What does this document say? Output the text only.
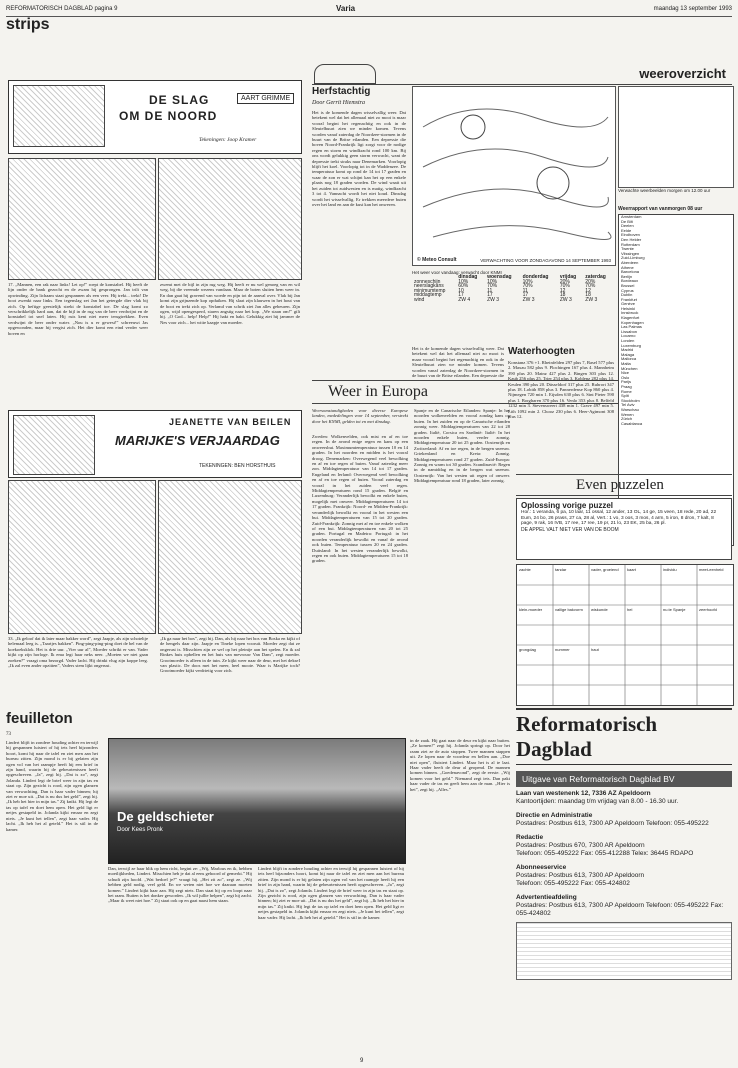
REFORMATORISCH DAGBLAD pagina 9	Varia	maandag 13 september 1993
strips
DE SLAG
OM DE NOORD
AART GRIMME
Tekeningen: Joop Kramer
17. „Mannen, een rak naar links! Let op!” roept de konstabel. Hij heeft de lijn onder de bank gezocht en de zwam hij gesprongen. Jan trilt van opwinding. Zijn lichaam staat gespannen als een veer. Hij trekt... trekt! De boot zwenkt naar links. Een tegenslag zet Jan het getergde dier vlak bij zich. Op heftige geestelijk strekt de konstabel toe. De slag komt zo verschrikkelijk hard aan, dat de bijl in de rug van de beer verdwijnt en de konstabel tot snel laten. Hij ruis kent niet meer terugtrekken. Even verdwijnt de beer onder water. „Nou is u er gewest!” schreeuwt Jas opgewonden, maar hij vergist zich. Het dier komt een eind verder weer boven en
zwemt met de bijl in zijn rug weg. Hij heeft er nu wel genoeg van en wil weg, bij die vreemde wezens vandaan. Maar de boten sluiten hem weer in. En dan gaat hij gravend van woede en pijn tot de aanval over. Vlak bij Jan komt zijn grijnzende kop opduiken. Hij slaat zijn klauwen in het hout van de boot en trekt zich op. Verlamd van schrik ziet Jan alles gebeuren. Zijn ogen, wijd opengesperd, staren angstig naar het kop. „We staan om!” gilt hij. „O God... help! Help!” Hij hakt en hakt. Gelukkig ziet hij jammer de Nes voor zich... het witte kaapje van moeder.
JEANETTE VAN BEILEN
MARIJKE'S VERJAARDAG
TEKENINGEN: BEN HORSTHUIS
33. „Ik geloof dat ik later maar bakker word”, zegt Jaapje, als zijn schoteltje helemaal leeg is. „Taartjes bakken”. Ping-ping-ping-ping doet de bel van de koekoeksklok. Het is drie uur. „Vier uur al”, Moeder schrikt er van. Vader kijkt op zijn horloge. Ik ema legt haar neks neer. „Moeten we niet gaan zoeken?” vraagt oma bezorgd. Vader lacht. Hij drinkt vlug zijn koppe leeg. „Ik zal even ander opzitten”, Vaders stem lijkt ongerust.
„Ik ga naar het bos”, zegt hij. Dan, als hij naar het bos van Boska en kijkt of de hengels daar zijn. Jaapje en Tineke lopen vooruit. Moeder zegt dat ze ongerust is. Misschien zijn ze wel op het pleintje aan het spelen. En ik zal Rinkes huis opbellen en het huis van mevrouw Van Dam”, zegt moeder. Grootmoeder is alleen in de tuin. Ze kijkt weer naar de deur, met het dekseI van plastic. De doos met het meer, heel mooie. Waar is Marijke toch? Grootmoeder kijkt verdrietig voor zich.
weeroverzicht
Herfstachtig
Door Gerrit Hiemstra
Het is de komende dagen wisselvallig weer. Dat betekent wel dat het allemaal niet zo mooi is maar vooral begint het regenachtig en ook in de Sleutelbuurt zien we minder komen. Tevens worden vanaf zaterdag de Noordzee-stormen in de buurt van de Britse eilanden. Een depressie die boven Noord-Frankrijk ligt zorgt voor de nodige regen en storm en windkracht rond 100 km. Bij ons wordt gelukkig geen storm verwacht, want de depressie trekt straks naar Denemarken. Voorlopig blijft het koel. Voorlopig tot in de Waddenzee. De temperatuur komt op rond de 14 tot 17 graden en waar de zon er wat schijnt kan het op een enkele plaats nog 18 graden worden. De wind waait uit het zuiden tot zuidwesten en is matig, windkracht 3 tot 4. Vannacht wordt het niet koud. Dinsdag wordt het wisselvallig. Er trekken meerdere buien over het land en aan de kust kan het onweren.
© Meteo Consult	VERWACHTING VOOR ZONDAGAVOND 14 SEPTEMBER 1993
Verwachte weerbeelden morgen om 12.00 uur
Weerrapport van vanmorgen 08 uur
Amsterdam
De Bilt
Deelen
Eelde
Eindhoven
Den Helder
Rotterdam
Twente
Vlissingen
Zuid-Limburg
Aberdeen
Athene
Barcelona
Berlijn
Bordeaux
Brussel
Cyprus
Dublin
Frankfurt
Genève
Helsinki
Innsbruck
Klagenfurt
Kopenhagen
Las Palmas
Lissabon
Locarno
Londen
Luxemburg
Madrid
Malaga
Mallorca
Malta
München
Nice
Oslo
Parijs
Praag
Rome
Split
Stockholm
Tel Aviv
Warschau
Wenen
Zürich
Casablanca
Het weer voor vandaag: verwacht door KNMI
	dinsdag	woensdag	donderdag	vrijdag	zaterdag
zonneschijn	10%	10%	10%	20%	20%
neerslagkans	60%	70%	70%	70%	70%
minimumtemp	10	11	11	12	12
middagtemp	17	17	17	18	18
wind	ZW 4	ZW 3	ZW 3	ZW 3	ZW 3
Waterhoogten
Konstanz 376 +1. Rheinfelden 297 plus 7, Basel 577 plus 2. Maxau 582 plus 9. Plochingen 167 plus 4. Mannheim 390 plus 20. Mainz 427 plus 2. Bingen 303 plus 12. Kaub 256 plus 25. Trier 254 plus 3. Koblenz 282 plus 14. Keulen 390 plus 20. Düsseldorf 317 plus 25. Ruhrort 347 plus 18. Lobith 858 plus 3. Pannerdense Kop 860 plus 4. Nijmegen 720 min 1. Eijsden 630 plus 6. Sint Pieter 590 plus 1. Borgharen 370 plus 16. Venlo 353 plus 8. Belfeld 1232 min 3. Stevensweert 438 min 1. Grave 497 min 5. Lith 1092 min 2. Chooz 230 plus 6. Heer-Agimont 308 plus 12.
Het is de komende dagen wisselvallig weer. Dat betekent wel dat het allemaal niet zo mooi is maar vooral begint het regenachtig en ook in de Sleutelbuurt zien we minder komen. Tevens worden vanaf zaterdag de Noordzee-stormen in de buurt van de Britse eilanden. Een depressie die
Weer in Europa
Weersomstandigheden voor diverse Europese landen, mededelingen voor 14 september, verstrekt door het KNMI, gelden tot en met dinsdag.
Zweden: Wolkenvelden, ook mist en af en toe regen. In de avond enige regen en kans op een onweersbui. Maximumtemperatuur tussen 10 en 14 graden. In het noorden en midden is het vooral droog. Denemarken: Overwegend veel bewolking en af en toe regen of buien. Vanaf zaterdag meer zon. Middagtemperatuur van 14 tot 17 graden. Engeland en Ierland: Overwegend veel bewolking en af en toe regen of buien. Vooral zaterdag en vooral in het zuiden veel regen. Middagtemperaturen rond 15 graden. België en Luxemburg: Veranderlijk bewolkt en enkele buien, mogelijk met onweer. Middagtemperaturen 14 tot 17 graden. Frankrijk: Noord- en Midden-Frankrijk: veranderlijk bewolkt en vooral in het westen een bui. Middagtemperaturen van 15 tot 20 graden. Zuid-Frankrijk: Zonnig met af en toe enkele wolken of een bui. Middagtemperaturen van 20 tot 25 graden. Portugal en Madeira: Portugal: in het noorden veranderlijk bewolkt en vanaf de avond ook buien. Temperatuur tussen 20 en 24 graden. Duitsland: In het westen veranderlijk bewolkt, regen en ook buien. Middagtemperaturen 15 tot 18 graden.
Spanje en de Canarische Eilanden: Spanje: In het noorden wolkenvelden en vooral zondag kans op buien. In het zuiden en op de Canarische eilanden zonnig weer. Middagtemperaturen van 22 tot 28 graden. Italië, Corsica en Sardinië: Italië: In het noorden enkele buien, verder zonnig. Middagtemperatuur 20 tot 25 graden. Oostenrijk en Zwitserland: Af en toe regen, in de bergen sneeuw. Griekenland en Kreta: Zonnig. Middagtemperaturen rond 27 graden. Zuid-Europa: Zonnig en warm tot 30 graden. Scandinavië: Regen in de namiddag en in de bergen wat sneeuw. Oostenrijk: Van het westen uit regen of onweer. Middagtemperatuur rond 18 graden, later zonnig.	Even puzzelen
Oplossing vorige puzzel
Hor.: 1 veranda, 6 pa, 10 laar, 11 ossal, 12 ander, 13 OL, 14 ge, 15 veen, 18 rede, 20 ad, 22 Eum, 24 bo, 26 prass, 27 ca, 28 al, Vert.: 1 vo, 3 oos, 3 mos, 4 arm, 5 iron, 8 dron, 7 kalt, 8 page, 9 rak, 16 IVB, 17 ree, 17 ree, 19 pr, 21 lo, 23 EK, 25 ba, 26 pl.
DE APPEL VALT NIET VER VAN DE BOOM
zachte	tandar	vader, groeiend	kaart	individu	meet-eenheid
klein-moeder	vallige bakvorm	wiskunde	hel	nu.te Spanje	zeerhoofd
grongdag	nummer	haut
feuilleton
73
Lindert blijft in zondere houding achter en terwijl hij gespannen luistert of hij iets heel bijzonders hoort, komt hij naar de tafel en ziet men aan het bureau zitten. Zijn mond is er bij gelaten zijn ogen vol van het raampje heeft hij een brief in zijn hand, waarin hij de gebeurtenissen heeft opgeschreven. „Ja”, zegt hij. „Dat is zo”, zegt Jolanda. Lindert legt de brief weer in zijn tas en staat op. Zijn gezicht is rood, zijn ogen glanzen van verwachting. Dan is haar vader binnen; hij ziet er moe uit. „Dat is nu dus het geld”, zegt hij. „Ik heb het hier in mijn tas.” Zij knikt. Hij legt de tas op tafel en doet hem open. Het geld ligt er netjes gestapeld in. Jolanda kijkt ernaar en zegt niets. „Je kunt het tellen”, zegt haar vader. Hij lacht. „Ik heb het al geteld.” Het is stil in de kamer.
De geldschieter
Door Kees Pronk
Dan, terwijl ze haar blik op hem richt, begint ze: „Wij, Marlous en ik, hebben moeilijkheden, Lindert. Misschien heb je dat al eens gehoord of gemerkt.” Hij schudt zijn hoofd. „Wat bedoel je?” vraagt hij. „Het zit zo”, zegt ze. „Wij hebben geld nodig, veel geld. En we weten niet hoe we daaraan moeten komen.” Lindert kijkt haar aan. Hij zegt niets. Dan staat hij op en loopt naar het raam. Buiten is het donker geworden. „Ik wil jullie helpen”, zegt hij zacht. „Maar ik weet niet hoe.” Zij staat ook op en gaat naast hem staan.
Lindert blijft in zondere houding achter en terwijl hij gespannen luistert of hij iets heel bijzonders hoort, komt hij naar de tafel en ziet men aan het bureau zitten. Zijn mond is er bij gelaten zijn ogen vol van het raampje heeft hij een brief in zijn hand, waarin hij de gebeurtenissen heeft opgeschreven. „Ja”, zegt hij. „Dat is zo”, zegt Jolanda. Lindert legt de brief weer in zijn tas en staat op. Zijn gezicht is rood, zijn ogen glanzen van verwachting. Dan is haar vader binnen; hij ziet er moe uit. „Dat is nu dus het geld”, zegt hij. „Ik heb het hier in mijn tas.” Zij knikt. Hij legt de tas op tafel en doet hem open. Het geld ligt er netjes gestapeld in. Jolanda kijkt ernaar en zegt niets. „Je kunt het tellen”, zegt haar vader. Hij lacht. „Ik heb het al geteld.” Het is stil in de kamer.
in de zaak. Hij gaat naar de deur en kijkt naar buiten. „Ze komen!” zegt hij. Jolanda springt op. Door het raam ziet ze de auto stoppen. Twee mannen stappen uit. Ze lopen naar de voordeur en bellen aan. „Doe niet open”, fluistert Lindert. Maar het is al te laat. Haar vader heeft de deur al geopend. De mannen komen binnen. „Goedenavond”, zegt de eerste. „Wij komen voor het geld.” Niemand zegt iets. Dan pakt haar vader de tas en geeft hem aan de man. „Hier is het”, zegt hij. „Alles.”
Reformatorisch Dagblad
Uitgave van Reformatorisch Dagblad BV
Laan van westenenk 12, 7336 AZ Apeldoorn
Kantoortijden: maandag t/m vrijdag van 8.00 - 16.30 uur.
Directie en Administratie
Postadres: Postbus 613, 7300 AP Apeldoorn Telefoon: 055-495222
Redactie
Postadres: Postbus 670, 7300 AR Apeldoorn
Telefoon: 055-495222 Fax: 055-412288 Telex: 36445 RDAPO
Abonneeservice
Postadres: Postbus 613, 7300 AP Apeldoorn
Telefoon: 055-495222 Fax: 055-424802
Advertentieafdeling
Postadres: Postbus 613, 7300 AP Apeldoorn Telefoon: 055-495222 Fax: 055-424802
9
